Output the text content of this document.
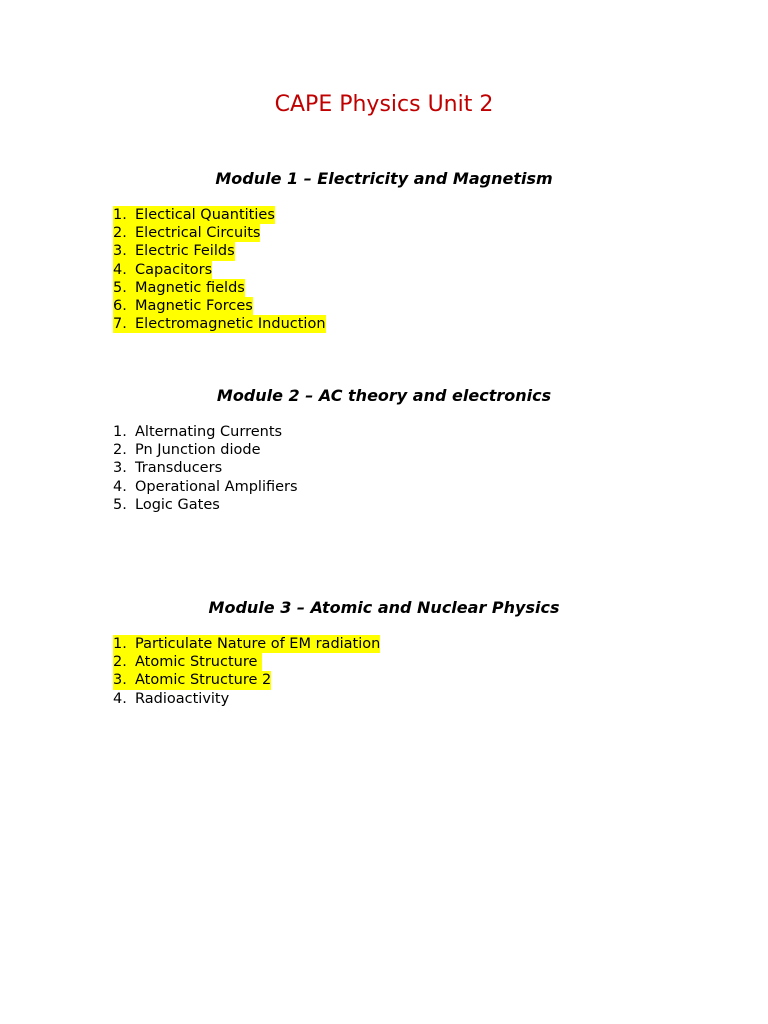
CAPE Physics Unit 2
Module 1 – Electricity and Magnetism
1. Electical Quantities
2. Electrical Circuits
3. Electric Feilds
4. Capacitors
5. Magnetic fields
6. Magnetic Forces
7. Electromagnetic Induction
Module 2 – AC theory and electronics
1. Alternating Currents
2. Pn Junction diode
3. Transducers
4. Operational Amplifiers
5. Logic Gates
Module 3 – Atomic and Nuclear Physics
1. Particulate Nature of EM radiation
2. Atomic Structure
3. Atomic Structure 2
4. Radioactivity
